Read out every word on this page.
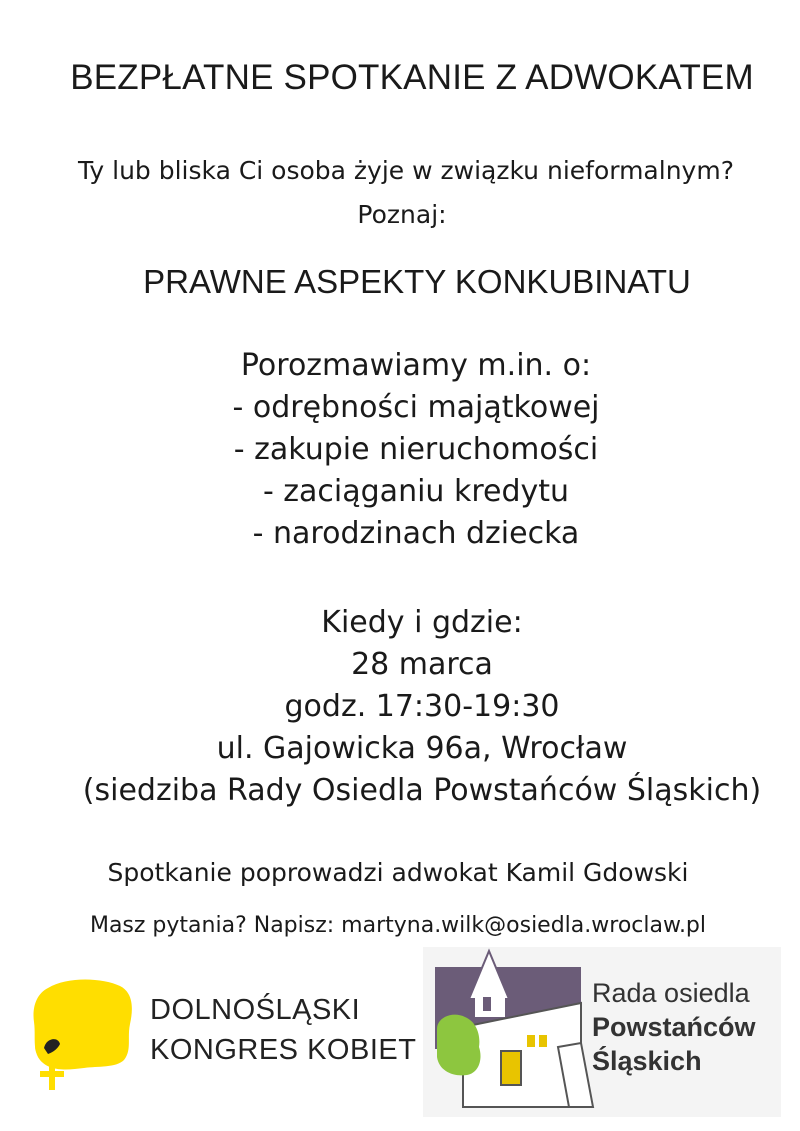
BEZPŁATNE SPOTKANIE Z ADWOKATEM
Ty lub bliska Ci osoba żyje w związku nieformalnym?
Poznaj:
PRAWNE ASPEKTY KONKUBINATU
Porozmawiamy m.in. o:
- odrębności majątkowej
- zakupie nieruchomości
- zaciąganiu kredytu
- narodzinach dziecka
Kiedy i gdzie:
28 marca
godz. 17:30-19:30
ul. Gajowicka 96a, Wrocław
(siedziba Rady Osiedla Powstańców Śląskich)
Spotkanie poprowadzi adwokat Kamil Gdowski
Masz pytania? Napisz: martyna.wilk@osiedla.wroclaw.pl
DOLNOŚLĄSKI
KONGRES KOBIET
Rada osiedla
Powstańców
Śląskich
